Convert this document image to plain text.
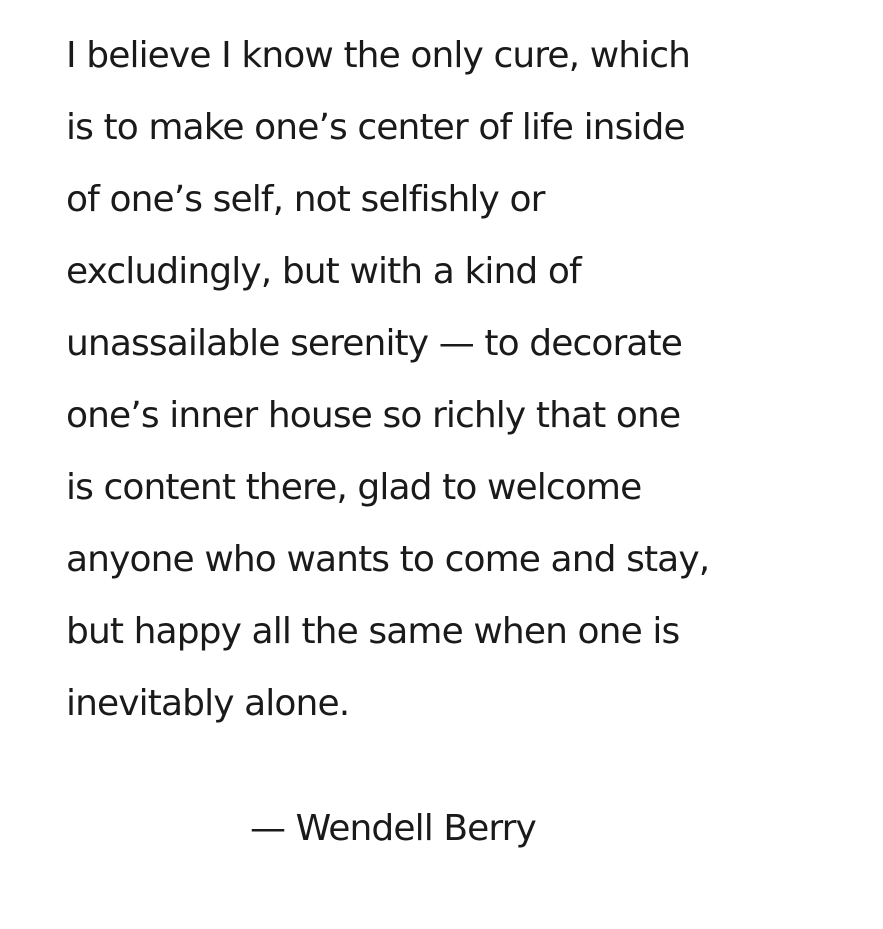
I believe I know the only cure, which
is to make one’s center of life inside
of one’s self, not selfishly or
excludingly, but with a kind of
unassailable serenity — to decorate
one’s inner house so richly that one
is content there, glad to welcome
anyone who wants to come and stay,
but happy all the same when one is
inevitably alone.

— Wendell Berry
